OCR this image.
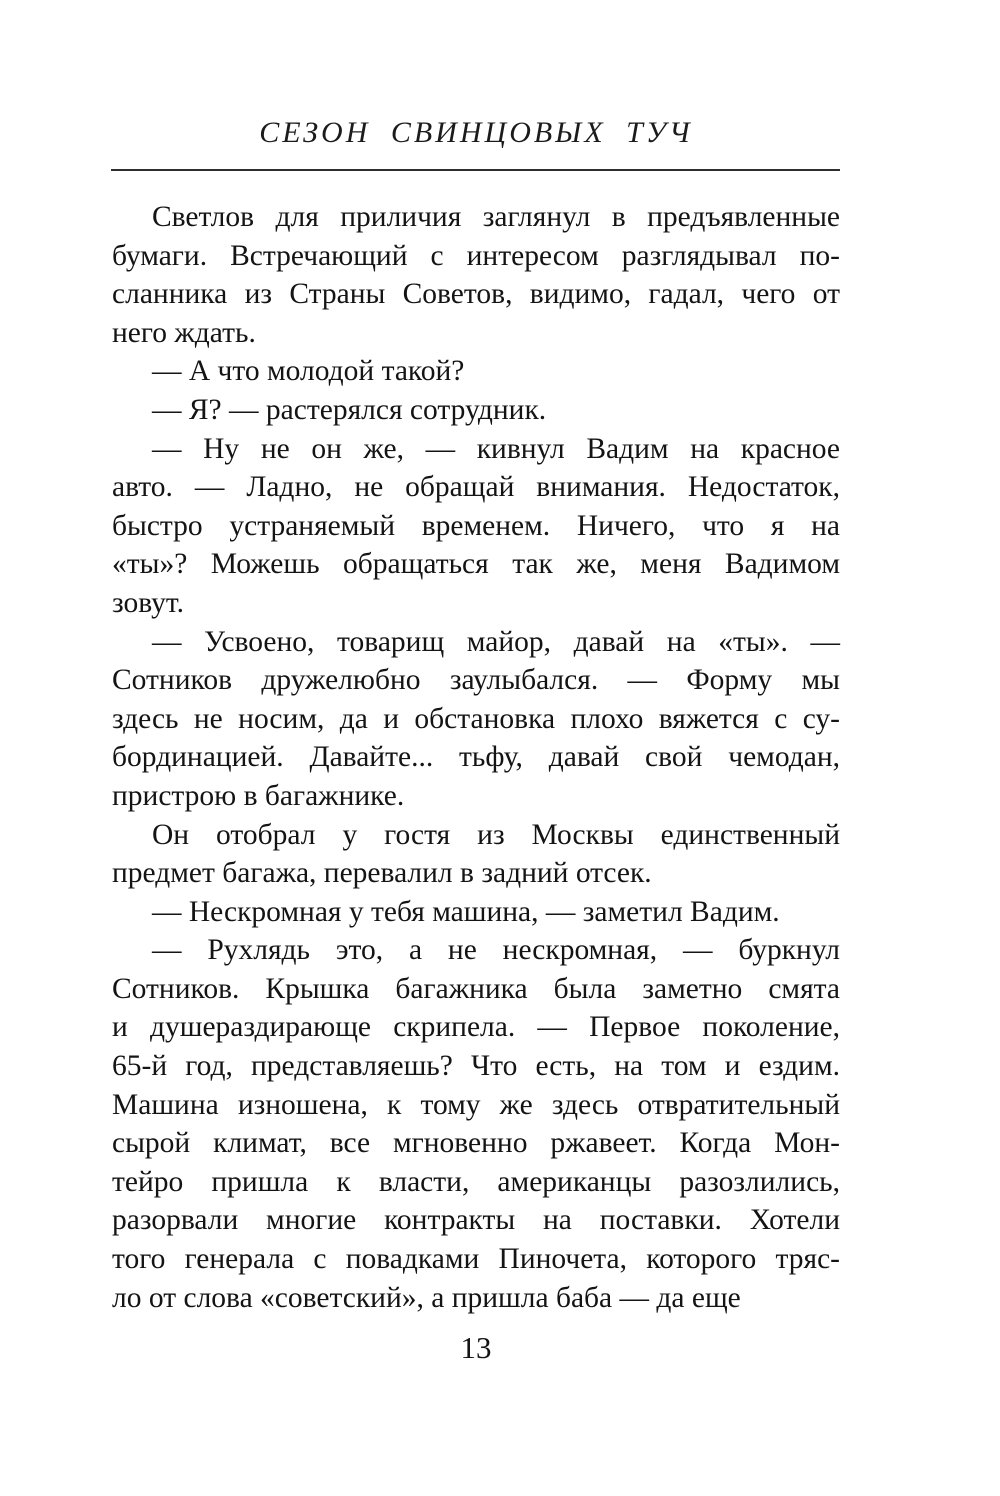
СЕЗОН СВИНЦОВЫХ ТУЧ
Светлов для приличия заглянул в предъявленные
бумаги. Встречающий с интересом разглядывал по-
сланника из Страны Советов, видимо, гадал, чего от
него ждать.
— А что молодой такой?
— Я? — растерялся сотрудник.
— Ну не он же, — кивнул Вадим на красное
авто. — Ладно, не обращай внимания. Недостаток,
быстро устраняемый временем. Ничего, что я на
«ты»? Можешь обращаться так же, меня Вадимом
зовут.
— Усвоено, товарищ майор, давай на «ты». —
Сотников дружелюбно заулыбался. — Форму мы
здесь не носим, да и обстановка плохо вяжется с су-
бординацией. Давайте... тьфу, давай свой чемодан,
пристрою в багажнике.
Он отобрал у гостя из Москвы единственный
предмет багажа, перевалил в задний отсек.
— Нескромная у тебя машина, — заметил Вадим.
— Рухлядь это, а не нескромная, — буркнул
Сотников. Крышка багажника была заметно смята
и душераздирающе скрипела. — Первое поколение,
65-й год, представляешь? Что есть, на том и ездим.
Машина изношена, к тому же здесь отвратительный
сырой климат, все мгновенно ржавеет. Когда Мон-
тейро пришла к власти, американцы разозлились,
разорвали многие контракты на поставки. Хотели
того генерала с повадками Пиночета, которого тряс-
ло от слова «советский», а пришла баба — да еще
13
